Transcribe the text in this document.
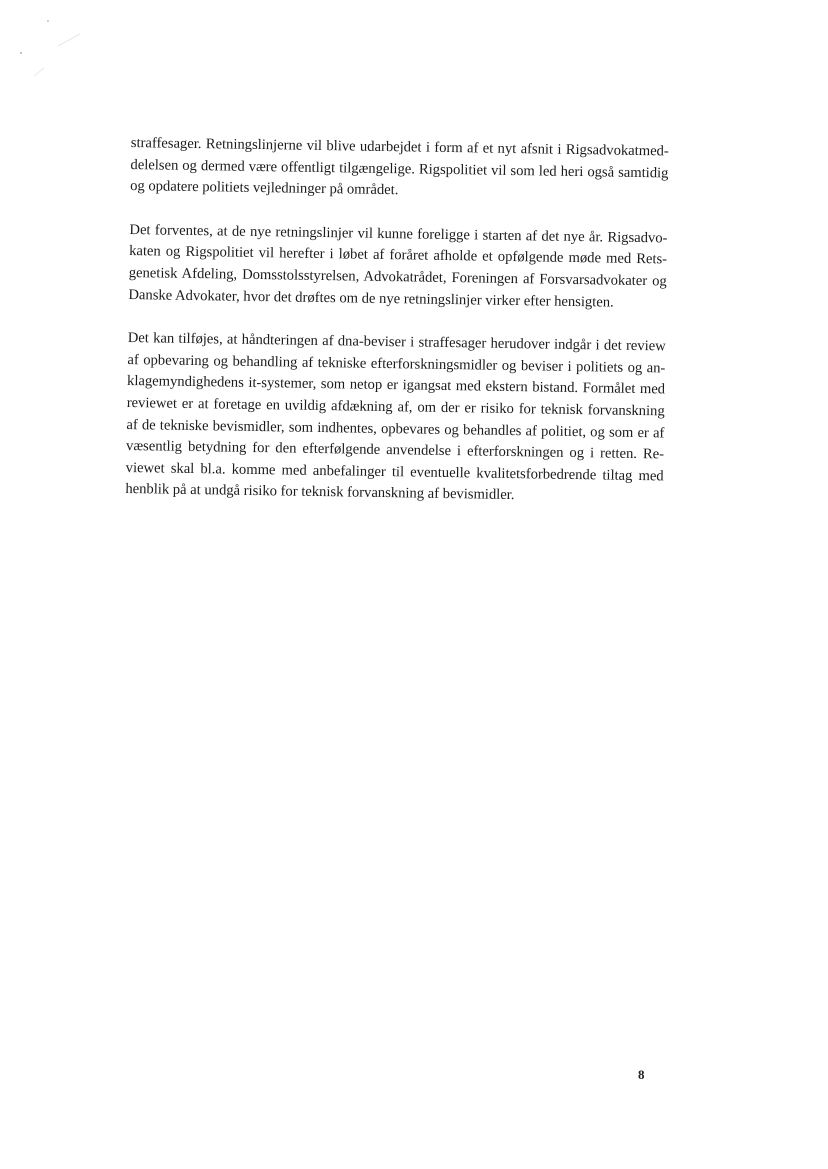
straffesager. Retningslinjerne vil blive udarbejdet i form af et nyt afsnit i Rigsadvokatmed-
delelsen og dermed være offentligt tilgængelige. Rigspolitiet vil som led heri også samtidig
og opdatere politiets vejledninger på området.
Det forventes, at de nye retningslinjer vil kunne foreligge i starten af det nye år. Rigsadvo-
katen og Rigspolitiet vil herefter i løbet af foråret afholde et opfølgende møde med Rets-
genetisk Afdeling, Domsstolsstyrelsen, Advokatrådet, Foreningen af Forsvarsadvokater og
Danske Advokater, hvor det drøftes om de nye retningslinjer virker efter hensigten.
Det kan tilføjes, at håndteringen af dna-beviser i straffesager herudover indgår i det review
af opbevaring og behandling af tekniske efterforskningsmidler og beviser i politiets og an-
klagemyndighedens it-systemer, som netop er igangsat med ekstern bistand. Formålet med
reviewet er at foretage en uvildig afdækning af, om der er risiko for teknisk forvanskning
af de tekniske bevismidler, som indhentes, opbevares og behandles af politiet, og som er af
væsentlig betydning for den efterfølgende anvendelse i efterforskningen og i retten. Re-
viewet skal bl.a. komme med anbefalinger til eventuelle kvalitetsforbedrende tiltag med
henblik på at undgå risiko for teknisk forvanskning af bevismidler.
8
